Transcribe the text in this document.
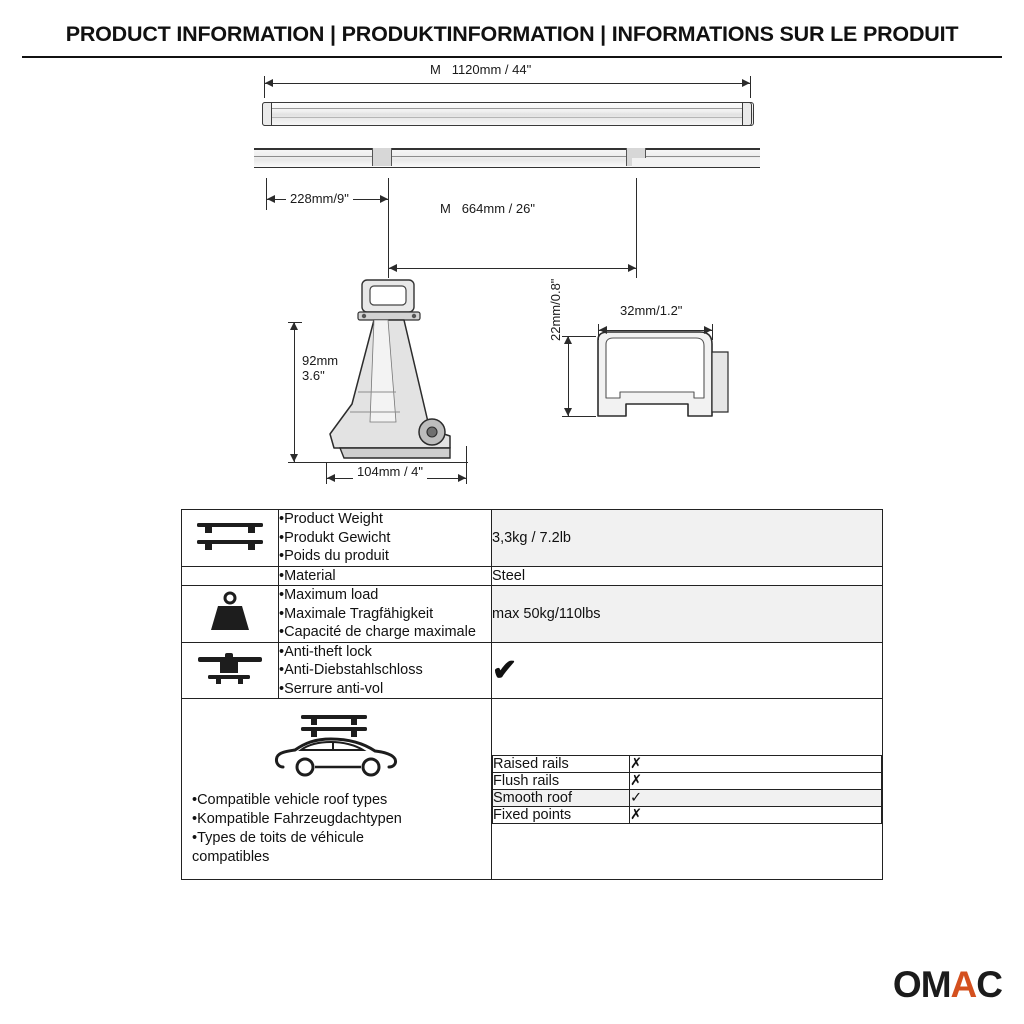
PRODUCT INFORMATION | PRODUKTINFORMATION | INFORMATIONS SUR LE PRODUIT
M 1120mm / 44"
228mm/9"
M 664mm / 26"
92mm
3.6"
104mm / 4"
32mm/1.2"
22mm/0.8"

•Product Weight
•Produkt Gewicht
•Poids du produit
	3,3kg / 7.2lb
	•Material	Steel

•Maximum load
•Maximale Tragfähigkeit
•Capacité de charge maximale
	max 50kg/110lbs

•Anti-theft lock
•Anti-Diebstahlschloss
•Serrure anti-vol
	✔

•Compatible vehicle roof types
•Kompatible Fahrzeugdachtypen
•Types de toits de véhicule
compatibles

Raised rails	✗
Flush rails	✗
Smooth roof	✓
Fixed points	✗
OMAC
